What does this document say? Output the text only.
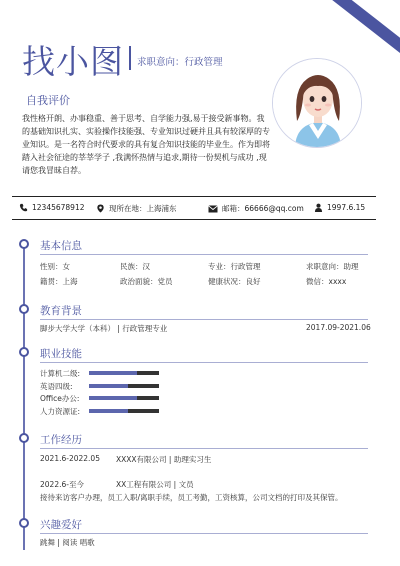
找小图 求职意向：行政管理
自我评价
我性格开朗、办事稳重、善于思考、自学能力强,易于接受新事物。我的基础知识扎实、实验操作技能强、专业知识过硬并且具有较深厚的专业知识。是一名符合时代要求的具有复合知识技能的毕业生。作为即将踏入社会征途的莘莘学子 ,我满怀热情与追求,期待一份契机与成功 ,现请您我冒昧自荐。
12345678912	现所在地：上海浦东	邮箱：66666@qq.com	1997.6.15
基本信息
性别：女	民族：汉	专业：行政管理	求职意向：助理
籍贯：上海	政治面貌：党员	健康状况：良好	微信：xxxx
教育背景
脚步大学大学（本科） | 行政管理专业	2017.09-2021.06
职业技能
计算机二级:
英语四级:
Office办公:
人力资源证:
工作经历
2021.6-2022.05 XXXX有限公司 | 助理实习生
2022.6-至今	XX工程有限公司 | 文员
接待来访客户办理，员工入职/离职手续，员工考勤，工资核算，公司文档的打印及其保管。
兴趣爱好
跳舞 | 阅读 唱歌
